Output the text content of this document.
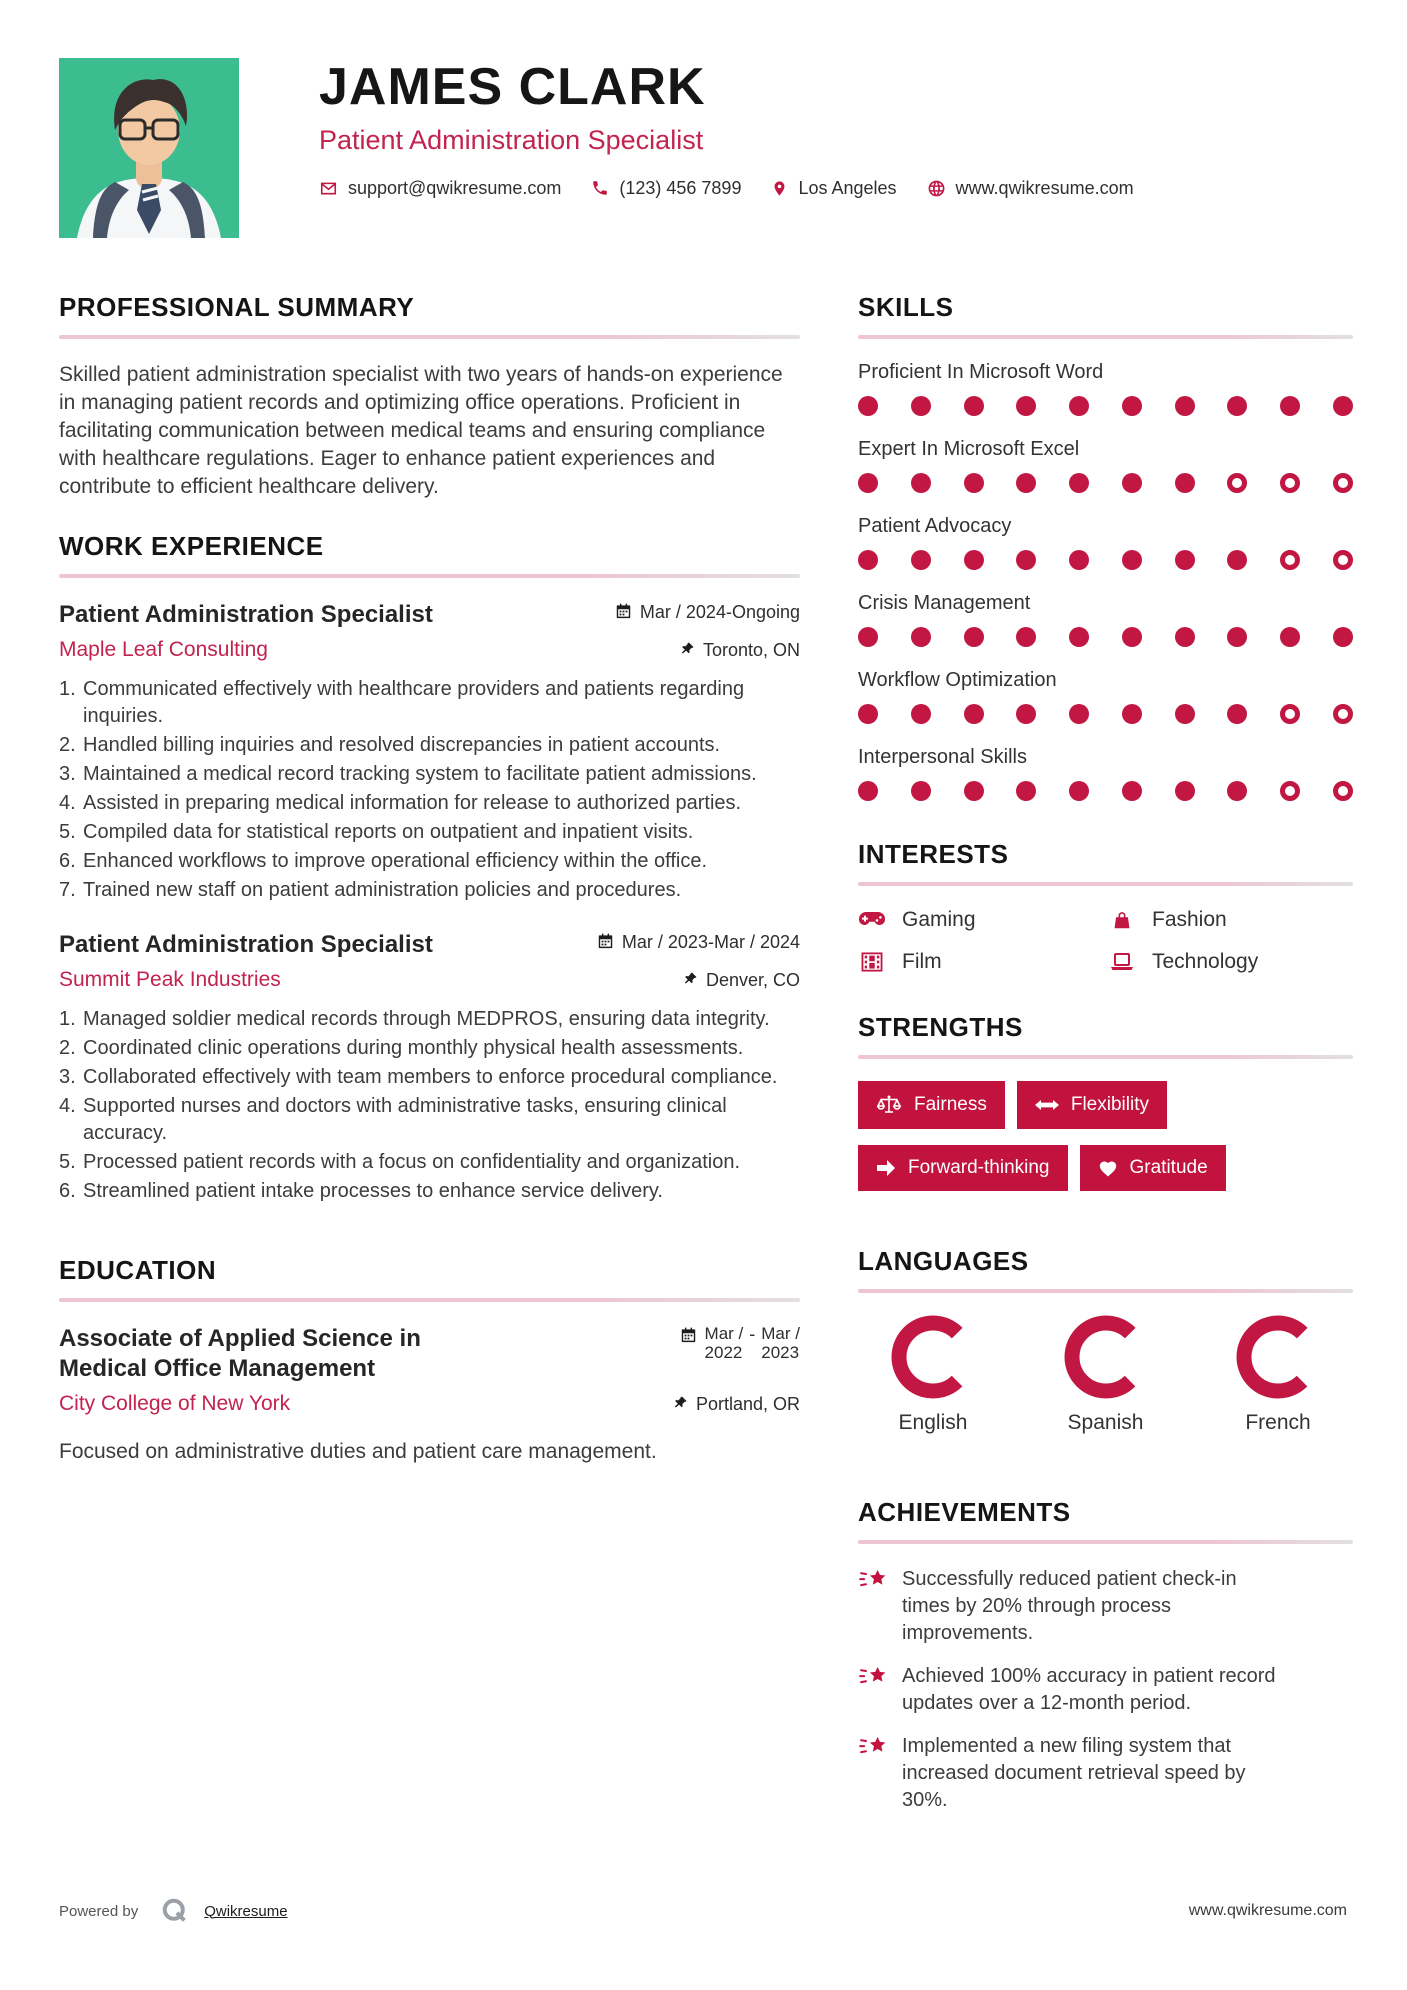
JAMES CLARK
Patient Administration Specialist
support@qwikresume.com	(123) 456 7899	Los Angeles	www.qwikresume.com
PROFESSIONAL SUMMARY

Skilled patient administration specialist with two years of hands-on experience in managing patient records and optimizing office operations. Proficient in facilitating communication between medical teams and ensuring compliance with healthcare regulations. Eager to enhance patient experiences and contribute to efficient healthcare delivery.

WORK EXPERIENCE
Patient Administration Specialist	Mar / 2024-Ongoing
Maple Leaf Consulting	Toronto, ON
1. Communicated effectively with healthcare providers and patients regarding inquiries.
2. Handled billing inquiries and resolved discrepancies in patient accounts.
3. Maintained a medical record tracking system to facilitate patient admissions.
4. Assisted in preparing medical information for release to authorized parties.
5. Compiled data for statistical reports on outpatient and inpatient visits.
6. Enhanced workflows to improve operational efficiency within the office.
7. Trained new staff on patient administration policies and procedures.
Patient Administration Specialist	Mar / 2023-Mar / 2024
Summit Peak Industries	Denver, CO
1. Managed soldier medical records through MEDPROS, ensuring data integrity.
2. Coordinated clinic operations during monthly physical health assessments.
3. Collaborated effectively with team members to enforce procedural compliance.
4. Supported nurses and doctors with administrative tasks, ensuring clinical accuracy.
5. Processed patient records with a focus on confidentiality and organization.
6. Streamlined patient intake processes to enhance service delivery.
EDUCATION
Associate of Applied Science in Medical Office Management
Mar /
2022
- Mar /
2023
City College of New York	Portland, OR

Focused on administrative duties and patient care management.

SKILLS
Proficient In Microsoft Word
Expert In Microsoft Excel
Patient Advocacy
Crisis Management
Workflow Optimization
Interpersonal Skills
INTERESTS
Gaming	Fashion
Film	Technology
STRENGTHS
Fairness	Flexibility
Forward-thinking	Gratitude
LANGUAGES
English	Spanish	French
ACHIEVEMENTS
Successfully reduced patient check-in times by 20% through process improvements.
Achieved 100% accuracy in patient record updates over a 12-month period.
Implemented a new filing system that increased document retrieval speed by 30%.
Powered by	Qwikresume	www.qwikresume.com
